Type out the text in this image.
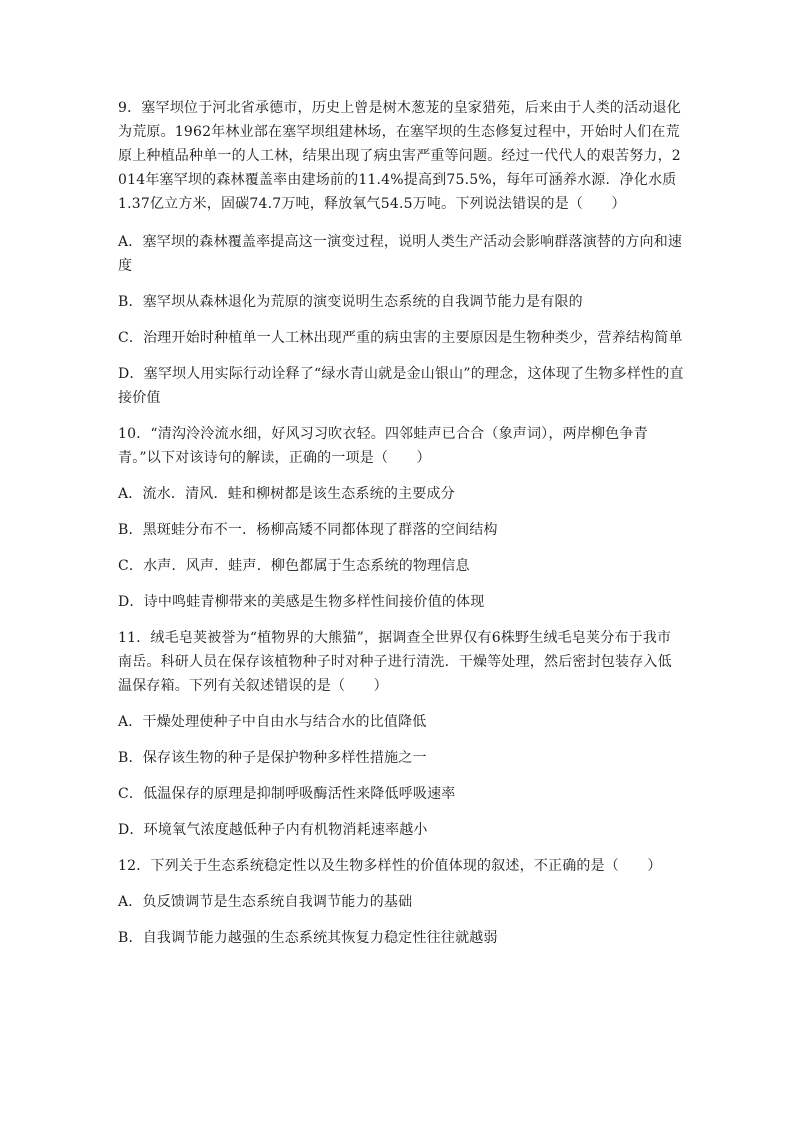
9．塞罕坝位于河北省承德市，历史上曾是树木葱茏的皇家猎苑，后来由于人类的活动退化为荒原。1962年林业部在塞罕坝组建林场，在塞罕坝的生态修复过程中，开始时人们在荒原上种植品种单一的人工林，结果出现了病虫害严重等问题。经过一代代人的艰苦努力，2014年塞罕坝的森林覆盖率由建场前的11.4%提高到75.5%，每年可涵养水源．净化水质1.37亿立方米，固碳74.7万吨，释放氧气54.5万吨。下列说法错误的是（　　）

A．塞罕坝的森林覆盖率提高这一演变过程，说明人类生产活动会影响群落演替的方向和速度

B．塞罕坝从森林退化为荒原的演变说明生态系统的自我调节能力是有限的

C．治理开始时种植单一人工林出现严重的病虫害的主要原因是生物种类少，营养结构简单

D．塞罕坝人用实际行动诠释了“绿水青山就是金山银山”的理念，这体现了生物多样性的直接价值

10．“清沟泠泠流水细，好风习习吹衣轻。四邻蛙声已合合（象声词），两岸柳色争青青。”以下对该诗句的解读，正确的一项是（　　）

A．流水．清风．蛙和柳树都是该生态系统的主要成分

B．黑斑蛙分布不一．杨柳高矮不同都体现了群落的空间结构

C．水声．风声．蛙声．柳色都属于生态系统的物理信息

D．诗中鸣蛙青柳带来的美感是生物多样性间接价值的体现

11．绒毛皂荚被誉为“植物界的大熊猫”，据调查全世界仅有6株野生绒毛皂荚分布于我市南岳。科研人员在保存该植物种子时对种子进行清洗．干燥等处理，然后密封包装存入低温保存箱。下列有关叙述错误的是（　　）

A．干燥处理使种子中自由水与结合水的比值降低

B．保存该生物的种子是保护物种多样性措施之一

C．低温保存的原理是抑制呼吸酶活性来降低呼吸速率

D．环境氧气浓度越低种子内有机物消耗速率越小

12．下列关于生态系统稳定性以及生物多样性的价值体现的叙述，不正确的是（　　）

A．负反馈调节是生态系统自我调节能力的基础

B．自我调节能力越强的生态系统其恢复力稳定性往往就越弱
